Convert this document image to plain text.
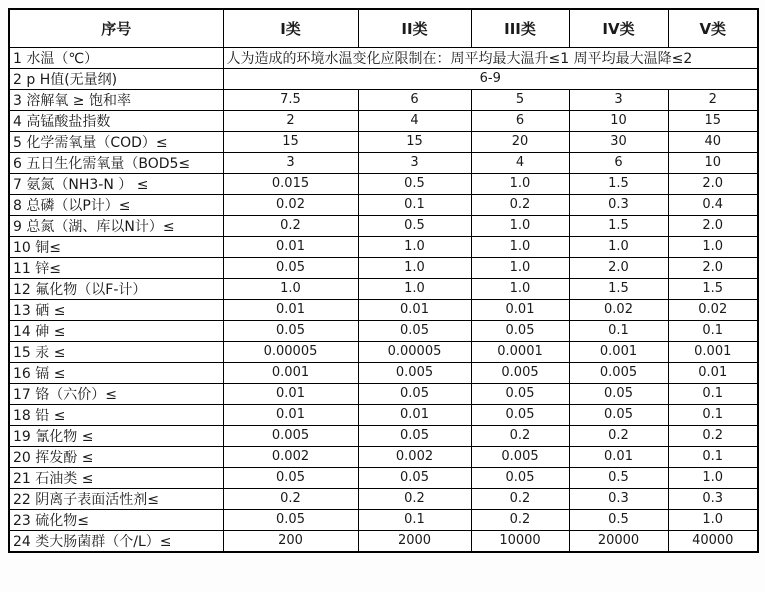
序号	I类	II类	III类	IV类	V类
1 水温（℃）	人为造成的环境水温变化应限制在：周平均最大温升≤1 周平均最大温降≤2				
2 p H值(无量纲)	6-9				
3 溶解氧 ≥ 饱和率	7.5	6	5	3	2
4 高锰酸盐指数	2	4	6	10	15
5 化学需氧量（COD）≤	15	15	20	30	40
6 五日生化需氧量（BOD5≤	3	3	4	6	10
7 氨氮（NH3-N ） ≤	0.015	0.5	1.0	1.5	2.0
8 总磷（以P计）≤	0.02	0.1	0.2	0.3	0.4
9 总氮（湖、库以N计）≤	0.2	0.5	1.0	1.5	2.0
10 铜≤	0.01	1.0	1.0	1.0	1.0
11 锌≤	0.05	1.0	1.0	2.0	2.0
12 氟化物（以F-计）	1.0	1.0	1.0	1.5	1.5
13 硒 ≤	0.01	0.01	0.01	0.02	0.02
14 砷 ≤	0.05	0.05	0.05	0.1	0.1
15 汞 ≤	0.00005	0.00005	0.0001	0.001	0.001
16 镉 ≤	0.001	0.005	0.005	0.005	0.01
17 铬（六价）≤	0.01	0.05	0.05	0.05	0.1
18 铅 ≤	0.01	0.01	0.05	0.05	0.1
19 氰化物 ≤	0.005	0.05	0.2	0.2	0.2
20 挥发酚 ≤	0.002	0.002	0.005	0.01	0.1
21 石油类 ≤	0.05	0.05	0.05	0.5	1.0
22 阴离子表面活性剂≤	0.2	0.2	0.2	0.3	0.3
23 硫化物≤	0.05	0.1	0.2	0.5	1.0
24 类大肠菌群（个/L）≤	200	2000	10000	20000	40000
